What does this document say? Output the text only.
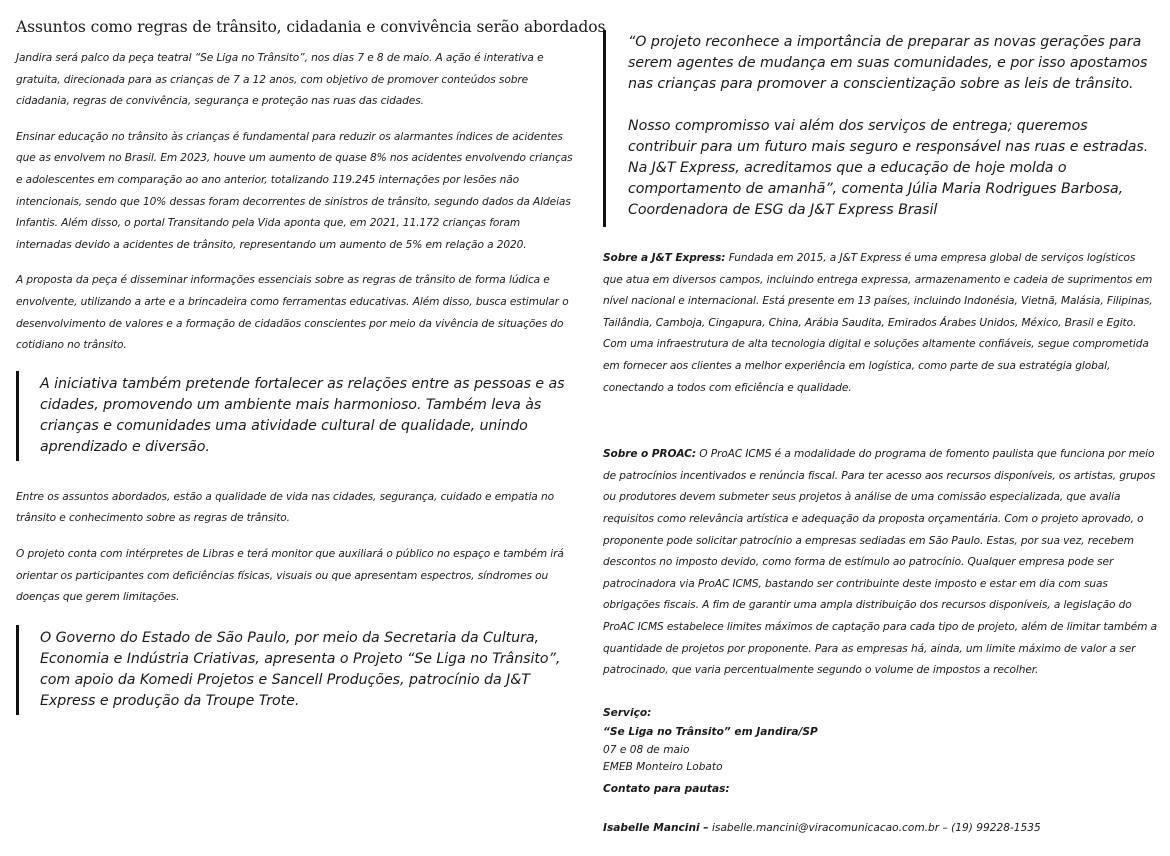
Assuntos como regras de trânsito, cidadania e convivência serão abordados

Jandira será palco da peça teatral “Se Liga no Trânsito”, nos dias 7 e 8 de maio. A ação é interativa e gratuita, direcionada para as crianças de 7 a 12 anos, com objetivo de promover conteúdos sobre cidadania, regras de convivência, segurança e proteção nas ruas das cidades.

Ensinar educação no trânsito às crianças é fundamental para reduzir os alarmantes índices de acidentes que as envolvem no Brasil. Em 2023, houve um aumento de quase 8% nos acidentes envolvendo crianças e adolescentes em comparação ao ano anterior, totalizando 119.245 internações por lesões não intencionais, sendo que 10% dessas foram decorrentes de sinistros de trânsito, segundo dados da Aldeias Infantis. Além disso, o portal Transitando pela Vida aponta que, em 2021, 11.172 crianças foram internadas devido a acidentes de trânsito, representando um aumento de 5% em relação a 2020.

A proposta da peça é disseminar informações essenciais sobre as regras de trânsito de forma lúdica e envolvente, utilizando a arte e a brincadeira como ferramentas educativas. Além disso, busca estimular o desenvolvimento de valores e a formação de cidadãos conscientes por meio da vivência de situações do cotidiano no trânsito.

A iniciativa também pretende fortalecer as relações entre as pessoas e as cidades, promovendo um ambiente mais harmonioso. Também leva às crianças e comunidades uma atividade cultural de qualidade, unindo aprendizado e diversão.

Entre os assuntos abordados, estão a qualidade de vida nas cidades, segurança, cuidado e empatia no trânsito e conhecimento sobre as regras de trânsito.

O projeto conta com intérpretes de Libras e terá monitor que auxiliará o público no espaço e também irá orientar os participantes com deficiências físicas, visuais ou que apresentam espectros, síndromes ou doenças que gerem limitações.

O Governo do Estado de São Paulo, por meio da Secretaria da Cultura, Economia e Indústria Criativas, apresenta o Projeto “Se Liga no Trânsito”, com apoio da Komedi Projetos e Sancell Produções, patrocínio da J&T Express e produção da Troupe Trote.

“O projeto reconhece a importância de preparar as novas gerações para serem agentes de mudança em suas comunidades, e por isso apostamos nas crianças para promover a conscientização sobre as leis de trânsito.

Nosso compromisso vai além dos serviços de entrega; queremos contribuir para um futuro mais seguro e responsável nas ruas e estradas. Na J&T Express, acreditamos que a educação de hoje molda o comportamento de amanhã”, comenta Júlia Maria Rodrigues Barbosa, Coordenadora de ESG da J&T Express Brasil

Sobre a J&T Express: Fundada em 2015, a J&T Express é uma empresa global de serviços logísticos que atua em diversos campos, incluindo entrega expressa, armazenamento e cadeia de suprimentos em nível nacional e internacional. Está presente em 13 países, incluindo Indonésia, Vietnã, Malásia, Filipinas, Tailândia, Camboja, Cingapura, China, Arábia Saudita, Emirados Árabes Unidos, México, Brasil e Egito. Com uma infraestrutura de alta tecnologia digital e soluções altamente confiáveis, segue comprometida em fornecer aos clientes a melhor experiência em logística, como parte de sua estratégia global, conectando a todos com eficiência e qualidade.

Sobre o PROAC: O ProAC ICMS é a modalidade do programa de fomento paulista que funciona por meio de patrocínios incentivados e renúncia fiscal. Para ter acesso aos recursos disponíveis, os artistas, grupos ou produtores devem submeter seus projetos à análise de uma comissão especializada, que avalia requisitos como relevância artística e adequação da proposta orçamentária. Com o projeto aprovado, o proponente pode solicitar patrocínio a empresas sediadas em São Paulo. Estas, por sua vez, recebem descontos no imposto devido, como forma de estímulo ao patrocínio. Qualquer empresa pode ser patrocinadora via ProAC ICMS, bastando ser contribuinte deste imposto e estar em dia com suas obrigações fiscais. A fim de garantir uma ampla distribuição dos recursos disponíveis, a legislação do ProAC ICMS estabelece limites máximos de captação para cada tipo de projeto, além de limitar também a quantidade de projetos por proponente. Para as empresas há, ainda, um limite máximo de valor a ser patrocinado, que varia percentualmente segundo o volume de impostos a recolher.

Serviço:

“Se Liga no Trânsito” em Jandira/SP

07 e 08 de maio

EMEB Monteiro Lobato

Contato para pautas:

Isabelle Mancini – isabelle.mancini@viracomunicacao.com.br – (19) 99228-1535
